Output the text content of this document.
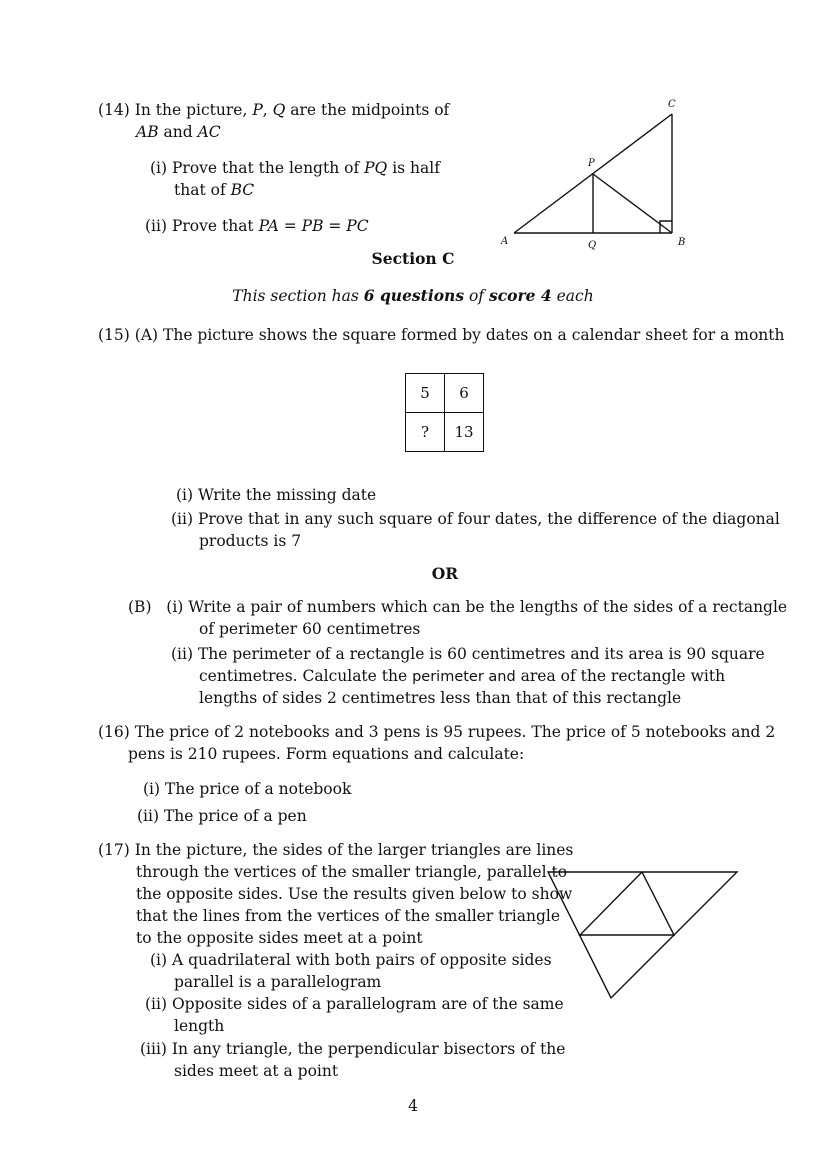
(14) In the picture, P, Q are the midpoints of
AB and AC
(i) Prove that the length of PQ is half
that of BC
(ii) Prove that PA = PB = PC
A	B
C
P
Q
Section C
This section has 6 questions of score 4 each
(15) (A) The picture shows the square formed by dates on a calendar sheet for a month
5	6
?	13
(i) Write the missing date
(ii) Prove that in any such square of four dates, the difference of the diagonal
products is 7
OR
(B) (i) Write a pair of numbers which can be the lengths of the sides of a rectangle
of perimeter 60 centimetres
(ii) The perimeter of a rectangle is 60 centimetres and its area is 90 square
centimetres. Calculate the perimeter and area of the rectangle with
lengths of sides 2 centimetres less than that of this rectangle
(16) The price of 2 notebooks and 3 pens is 95 rupees. The price of 5 notebooks and 2
pens is 210 rupees. Form equations and calculate:
(i) The price of a notebook
(ii) The price of a pen
(17) In the picture, the sides of the larger triangles are lines
through the vertices of the smaller triangle, parallel to
the opposite sides. Use the results given below to show
that the lines from the vertices of the smaller triangle
to the opposite sides meet at a point
(i) A quadrilateral with both pairs of opposite sides
parallel is a parallelogram
(ii) Opposite sides of a parallelogram are of the same
length
(iii) In any triangle, the perpendicular bisectors of the
sides meet at a point
4
